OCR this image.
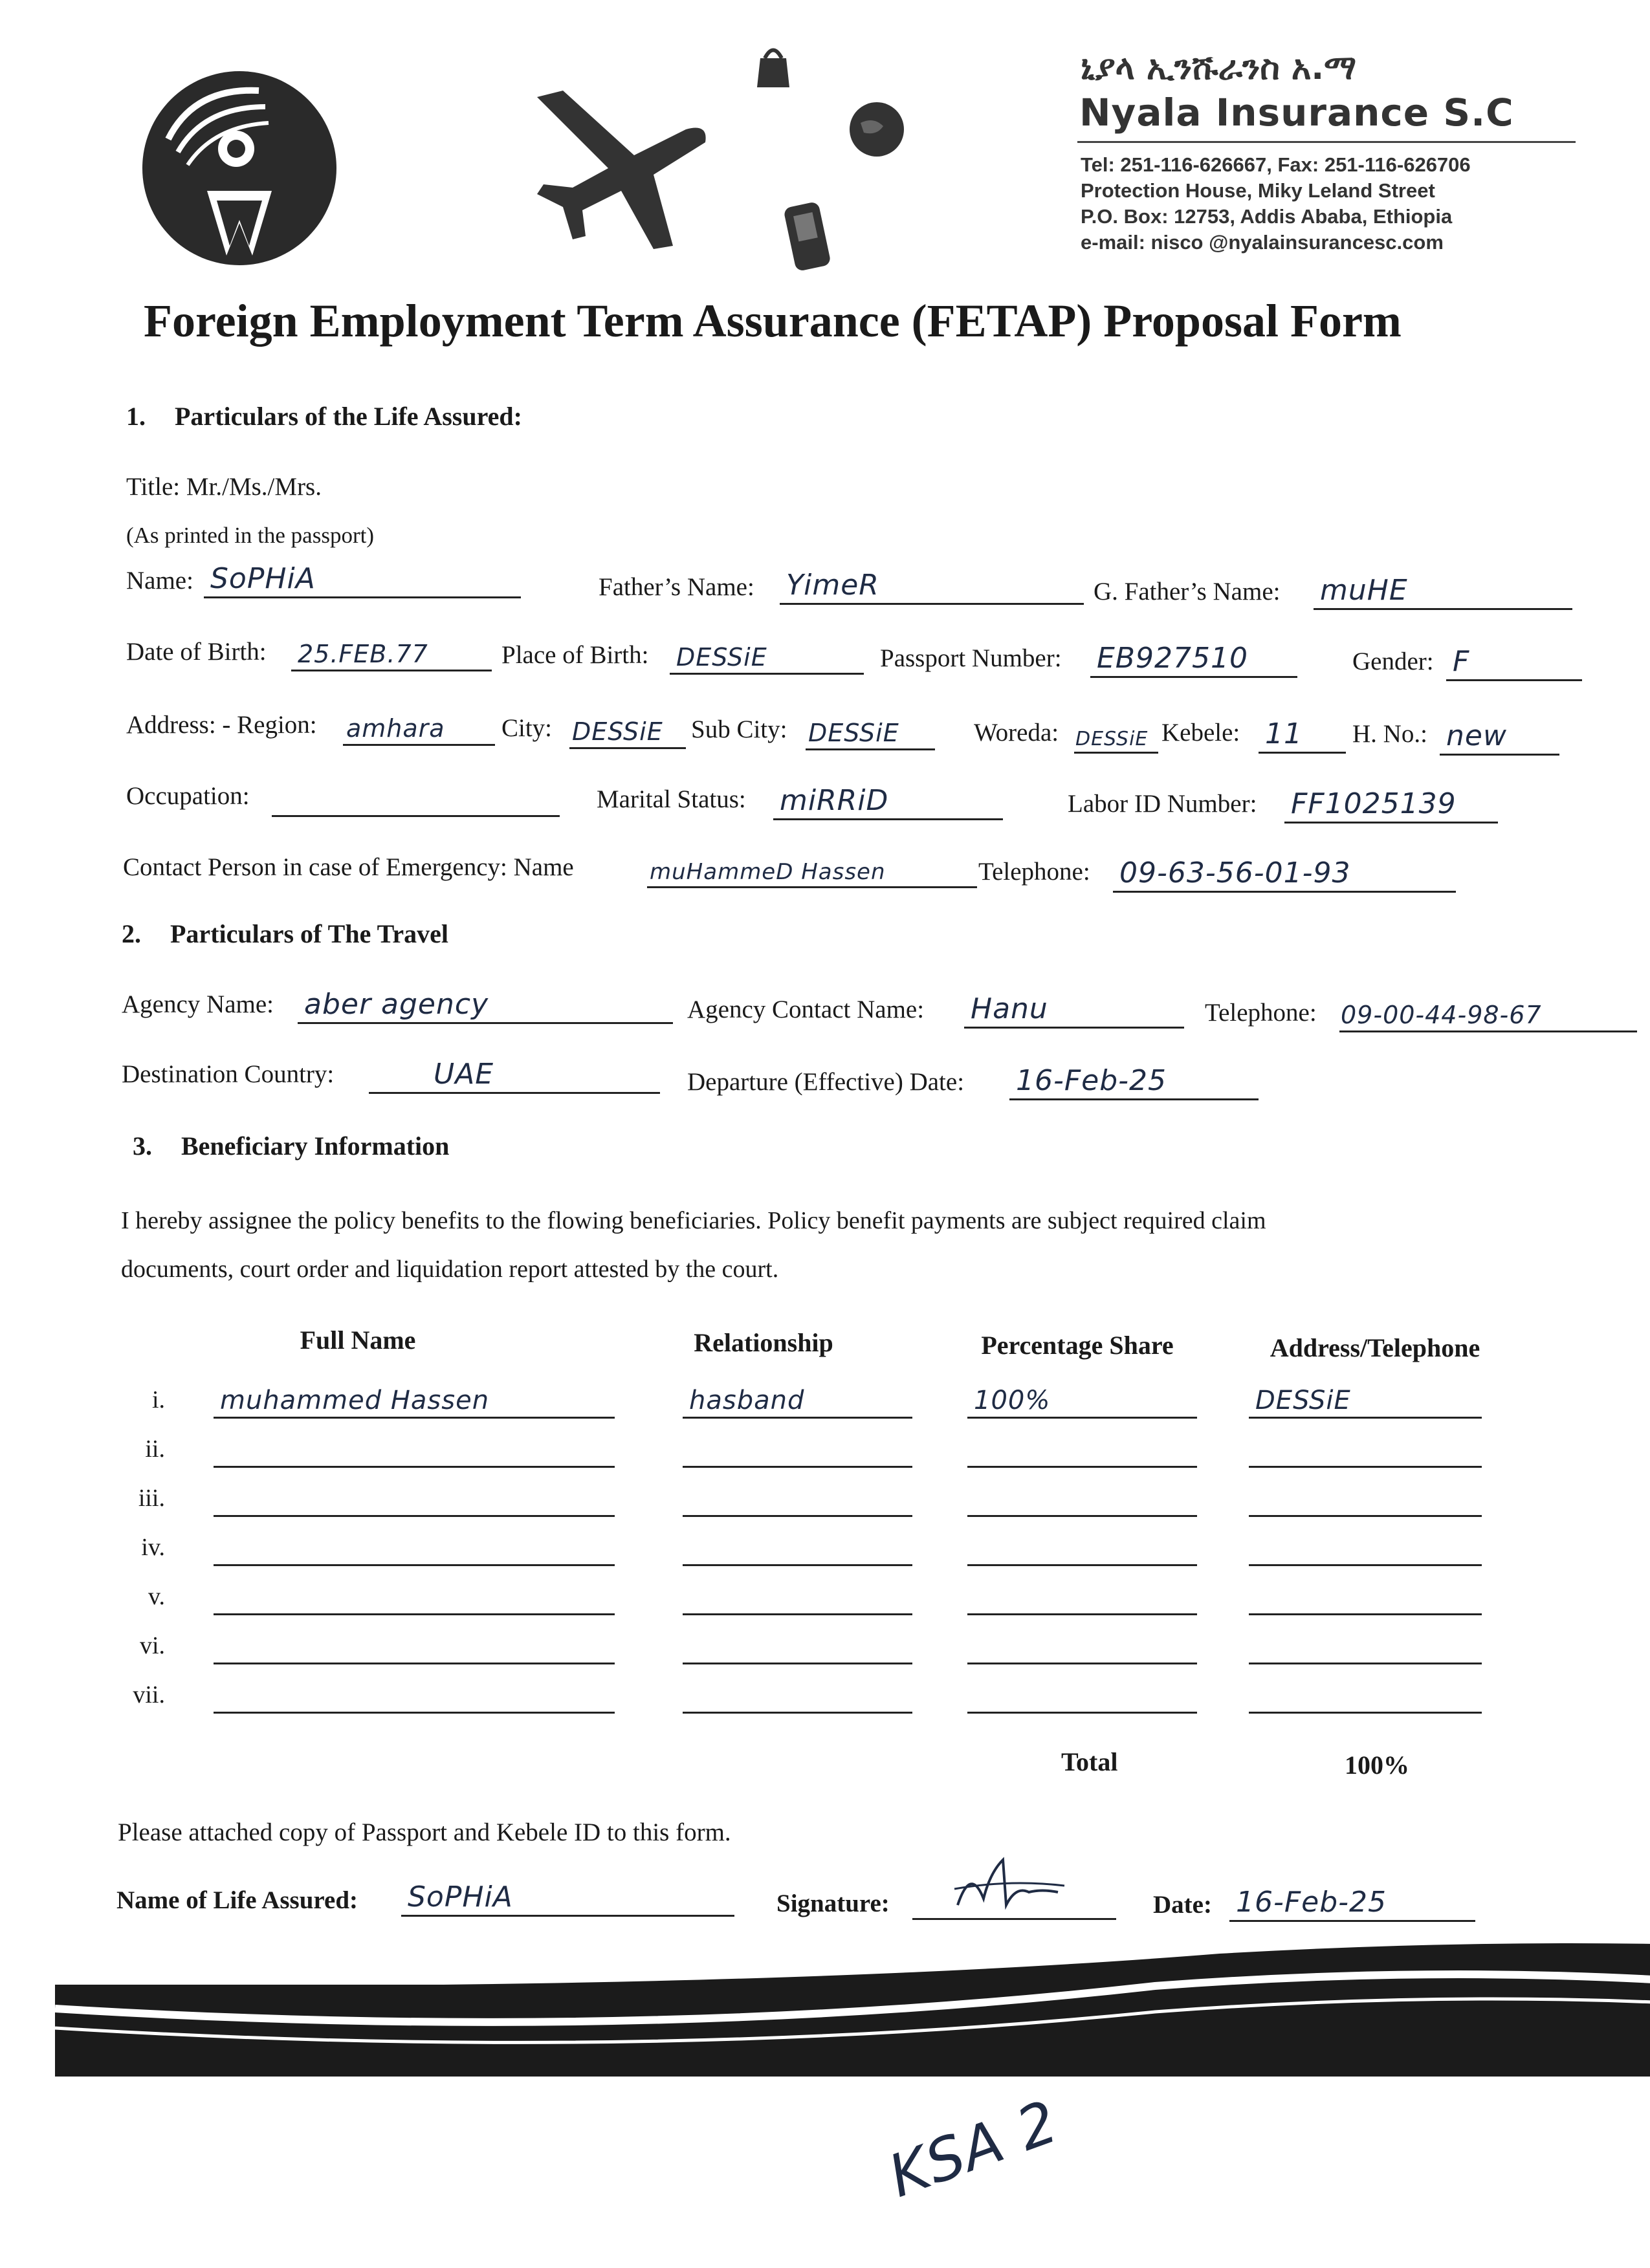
ኒያላ ኢንሹራንስ አ.ማ
Nyala Insurance S.C
Tel: 251-116-626667, Fax: 251-116-626706
Protection House, Miky Leland Street
P.O. Box: 12753, Addis Ababa, Ethiopia
e-mail: nisco @nyalainsurancesc.com
Foreign Employment Term Assurance (FETAP) Proposal Form
1. Particulars of the Life Assured:
Title: Mr./Ms./Mrs.
(As printed in the passport)
Name: SoPHiA	Father’s Name: YimeR	G. Father’s Name: muHE
Date of Birth: 25.FEB.77	Place of Birth: DESSiE	Passport Number: EB927510	Gender: F
Address: - Region: amhara City: DESSiE Sub City: DESSiE	Woreda: DESSiE Kebele: 11 H. No.: new
Occupation:	Marital Status: miRRiD	Labor ID Number: FF1025139
Contact Person in case of Emergency: Name	muHammeD Hassen	Telephone: 09-63-56-01-93
2. Particulars of The Travel
Agency Name: aber agency	Agency Contact Name: Hanu	Telephone: 09-00-44-98-67
Destination Country:	UAE	Departure (Effective) Date: 16-Feb-25
3. Beneficiary Information
I hereby assignee the policy benefits to the flowing beneficiaries. Policy benefit payments are subject required claim
documents, court order and liquidation report attested by the court.
Full Name	Relationship	Percentage Share	Address/Telephone
i. muhammed Hassen	hasband	100%	DESSiE
ii.
iii.
iv.
v.
vi.
vii.
Total	100%
Please attached copy of Passport and Kebele ID to this form.
Name of Life Assured: SoPHiA	Signature:	Date: 16-Feb-25
KSA 2
